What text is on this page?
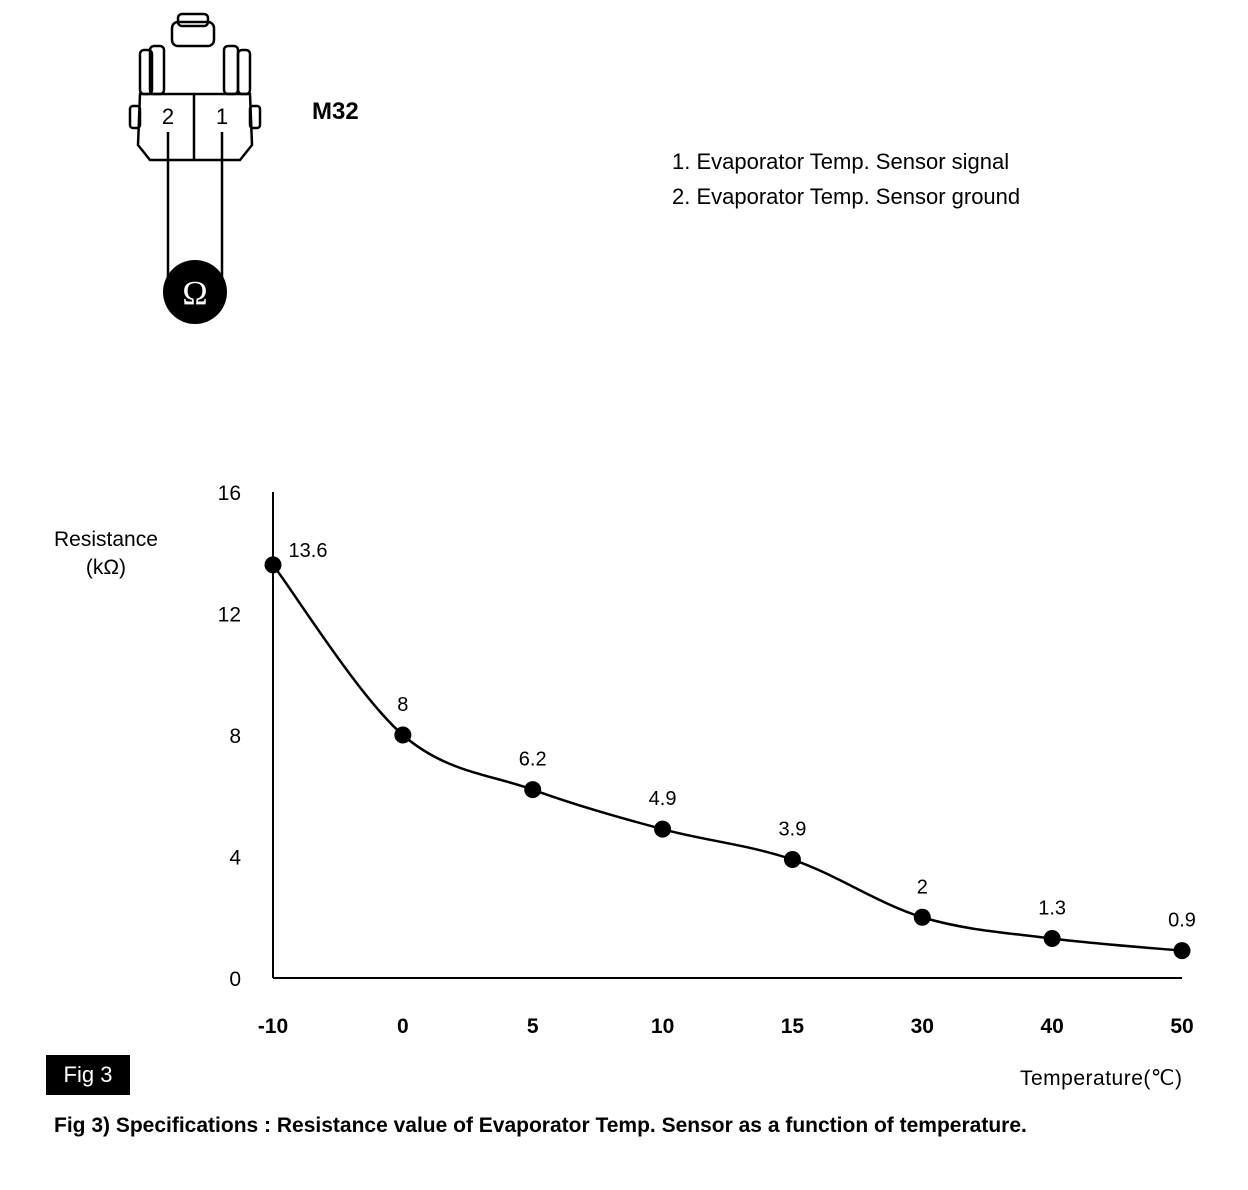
2 1
Ω
M32
1. Evaporator Temp. Sensor signal
2. Evaporator Temp. Sensor ground
Resistance
(kΩ)
0
4
8
12
16
-10	0	5	10	15	30	40	50
13.6
8
6.2
4.9
3.9
2
1.3
0.9
Fig 3	Temperature(℃)
Fig 3) Specifications : Resistance value of Evaporator Temp. Sensor as a function of temperature.
